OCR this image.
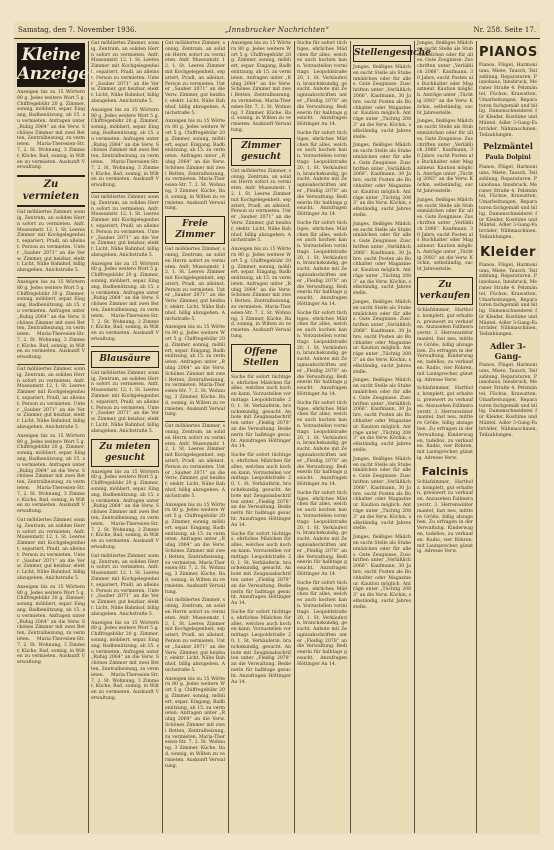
Samstag, den 7. November 1936.	„Innsbrucker Nachrichten“	Nr. 258. Seite 17.
Kleine Anzeigen
Anzeigen bis zu 15 Wörtern 80 g. Jedes weitere Wort 5 g. Chiffregebühr 20 g. Zimmer, sonnig, möbliert, separ. Eingang, Badbenützung, ab 15. zu vermieten. Anfragen unter „Ruhig 2064“ an die Verw. Schönes Zimmer mit zwei Betten, Zentralheizung, zu vermieten. Maria-Theresien-Str. 7, 2. St. Wohnung, 3 Zimmer, Küche, Bad, sonnig, in Wilten zu vermieten. Auskunft Verwaltung.
Zu vermieten
Gut möbliertes Zimmer, sonnig, Zentrum, an soliden Herrn sofort zu vermieten. Anfr. Museumstr. 12, 1. St. Leeres Zimmer mit Kochgelegenheit, separiert, Pradl, an alleinst. Person zu vermieten. Unter „Sauber 2071“ an die Verw. Zimmer, gut heizbar, elektr. Licht, Nähe Bahnhof, billig abzugeben. Anichstraße 5.
Anzeigen bis zu 15 Wörtern 80 g. Jedes weitere Wort 5 g. Chiffregebühr 20 g. Zimmer, sonnig, möbliert, separ. Eingang, Badbenützung, ab 15. zu vermieten. Anfragen unter „Ruhig 2064“ an die Verw. Schönes Zimmer mit zwei Betten, Zentralheizung, zu vermieten. Maria-Theresien-Str. 7, 2. St. Wohnung, 3 Zimmer, Küche, Bad, sonnig, in Wilten zu vermieten. Auskunft Verwaltung.
Gut möbliertes Zimmer, sonnig, Zentrum, an soliden Herrn sofort zu vermieten. Anfr. Museumstr. 12, 1. St. Leeres Zimmer mit Kochgelegenheit, separiert, Pradl, an alleinst. Person zu vermieten. Unter „Sauber 2071“ an die Verw. Zimmer, gut heizbar, elektr. Licht, Nähe Bahnhof, billig abzugeben. Anichstraße 5.
Anzeigen bis zu 15 Wörtern 80 g. Jedes weitere Wort 5 g. Chiffregebühr 20 g. Zimmer, sonnig, möbliert, separ. Eingang, Badbenützung, ab 15. zu vermieten. Anfragen unter „Ruhig 2064“ an die Verw. Schönes Zimmer mit zwei Betten, Zentralheizung, zu vermieten. Maria-Theresien-Str. 7, 2. St. Wohnung, 3 Zimmer, Küche, Bad, sonnig, in Wilten zu vermieten. Auskunft Verwaltung.
Gut möbliertes Zimmer, sonnig, Zentrum, an soliden Herrn sofort zu vermieten. Anfr. Museumstr. 12, 1. St. Leeres Zimmer mit Kochgelegenheit, separiert, Pradl, an alleinst. Person zu vermieten. Unter „Sauber 2071“ an die Verw. Zimmer, gut heizbar, elektr. Licht, Nähe Bahnhof, billig abzugeben. Anichstraße 5.
Anzeigen bis zu 15 Wörtern 80 g. Jedes weitere Wort 5 g. Chiffregebühr 20 g. Zimmer, sonnig, möbliert, separ. Eingang, Badbenützung, ab 15. zu vermieten. Anfragen unter „Ruhig 2064“ an die Verw. Schönes Zimmer mit zwei Betten, Zentralheizung, zu vermieten. Maria-Theresien-Str. 7, 2. St. Wohnung, 3 Zimmer, Küche, Bad, sonnig, in Wilten zu vermieten. Auskunft Verwaltung.
Gut möbliertes Zimmer, sonnig, Zentrum, an soliden Herrn sofort zu vermieten. Anfr. Museumstr. 12, 1. St. Leeres Zimmer mit Kochgelegenheit, separiert, Pradl, an alleinst. Person zu vermieten. Unter „Sauber 2071“ an die Verw. Zimmer, gut heizbar, elektr. Licht, Nähe Bahnhof, billig abzugeben. Anichstraße 5.
Anzeigen bis zu 15 Wörtern 80 g. Jedes weitere Wort 5 g. Chiffregebühr 20 g. Zimmer, sonnig, möbliert, separ. Eingang, Badbenützung, ab 15. zu vermieten. Anfragen unter „Ruhig 2064“ an die Verw. Schönes Zimmer mit zwei Betten, Zentralheizung, zu vermieten. Maria-Theresien-Str. 7, 2. St. Wohnung, 3 Zimmer, Küche, Bad, sonnig, in Wilten zu vermieten. Auskunft Verwaltung.
Gut möbliertes Zimmer, sonnig, Zentrum, an soliden Herrn sofort zu vermieten. Anfr. Museumstr. 12, 1. St. Leeres Zimmer mit Kochgelegenheit, separiert, Pradl, an alleinst. Person zu vermieten. Unter „Sauber 2071“ an die Verw. Zimmer, gut heizbar, elektr. Licht, Nähe Bahnhof, billig abzugeben. Anichstraße 5.
Anzeigen bis zu 15 Wörtern 80 g. Jedes weitere Wort 5 g. Chiffregebühr 20 g. Zimmer, sonnig, möbliert, separ. Eingang, Badbenützung, ab 15. zu vermieten. Anfragen unter „Ruhig 2064“ an die Verw. Schönes Zimmer mit zwei Betten, Zentralheizung, zu vermieten. Maria-Theresien-Str. 7, 2. St. Wohnung, 3 Zimmer, Küche, Bad, sonnig, in Wilten zu vermieten. Auskunft Verwaltung.
Blausäure
Gut möbliertes Zimmer, sonnig, Zentrum, an soliden Herrn sofort zu vermieten. Anfr. Museumstr. 12, 1. St. Leeres Zimmer mit Kochgelegenheit, separiert, Pradl, an alleinst. Person zu vermieten. Unter „Sauber 2071“ an die Verw. Zimmer, gut heizbar, elektr. Licht, Nähe Bahnhof, billig abzugeben. Anichstraße 5.
Zu mieten gesucht
Anzeigen bis zu 15 Wörtern 80 g. Jedes weitere Wort 5 g. Chiffregebühr 20 g. Zimmer, sonnig, möbliert, separ. Eingang, Badbenützung, ab 15. zu vermieten. Anfragen unter „Ruhig 2064“ an die Verw. Schönes Zimmer mit zwei Betten, Zentralheizung, zu vermieten. Maria-Theresien-Str. 7, 2. St. Wohnung, 3 Zimmer, Küche, Bad, sonnig, in Wilten zu vermieten. Auskunft Verwaltung.
Gut möbliertes Zimmer, sonnig, Zentrum, an soliden Herrn sofort zu vermieten. Anfr. Museumstr. 12, 1. St. Leeres Zimmer mit Kochgelegenheit, separiert, Pradl, an alleinst. Person zu vermieten. Unter „Sauber 2071“ an die Verw. Zimmer, gut heizbar, elektr. Licht, Nähe Bahnhof, billig abzugeben. Anichstraße 5.
Anzeigen bis zu 15 Wörtern 80 g. Jedes weitere Wort 5 g. Chiffregebühr 20 g. Zimmer, sonnig, möbliert, separ. Eingang, Badbenützung, ab 15. zu vermieten. Anfragen unter „Ruhig 2064“ an die Verw. Schönes Zimmer mit zwei Betten, Zentralheizung, zu vermieten. Maria-Theresien-Str. 7, 2. St. Wohnung, 3 Zimmer, Küche, Bad, sonnig, in Wilten zu vermieten. Auskunft Verwaltung.
Gut möbliertes Zimmer, sonnig, Zentrum, an soliden Herrn sofort zu vermieten. Anfr. Museumstr. 12, 1. St. Leeres Zimmer mit Kochgelegenheit, separiert, Pradl, an alleinst. Person zu vermieten. Unter „Sauber 2071“ an die Verw. Zimmer, gut heizbar, elektr. Licht, Nähe Bahnhof, billig abzugeben. Anichstraße 5.
Anzeigen bis zu 15 Wörtern 80 g. Jedes weitere Wort 5 g. Chiffregebühr 20 g. Zimmer, sonnig, möbliert, separ. Eingang, Badbenützung, ab 15. zu vermieten. Anfragen unter „Ruhig 2064“ an die Verw. Schönes Zimmer mit zwei Betten, Zentralheizung, zu vermieten. Maria-Theresien-Str. 7, 2. St. Wohnung, 3 Zimmer, Küche, Bad, sonnig, in Wilten zu vermieten. Auskunft Verwaltung.
Freie Zimmer
Gut möbliertes Zimmer, sonnig, Zentrum, an soliden Herrn sofort zu vermieten. Anfr. Museumstr. 12, 1. St. Leeres Zimmer mit Kochgelegenheit, separiert, Pradl, an alleinst. Person zu vermieten. Unter „Sauber 2071“ an die Verw. Zimmer, gut heizbar, elektr. Licht, Nähe Bahnhof, billig abzugeben. Anichstraße 5.
Anzeigen bis zu 15 Wörtern 80 g. Jedes weitere Wort 5 g. Chiffregebühr 20 g. Zimmer, sonnig, möbliert, separ. Eingang, Badbenützung, ab 15. zu vermieten. Anfragen unter „Ruhig 2064“ an die Verw. Schönes Zimmer mit zwei Betten, Zentralheizung, zu vermieten. Maria-Theresien-Str. 7, 2. St. Wohnung, 3 Zimmer, Küche, Bad, sonnig, in Wilten zu vermieten. Auskunft Verwaltung.
Gut möbliertes Zimmer, sonnig, Zentrum, an soliden Herrn sofort zu vermieten. Anfr. Museumstr. 12, 1. St. Leeres Zimmer mit Kochgelegenheit, separiert, Pradl, an alleinst. Person zu vermieten. Unter „Sauber 2071“ an die Verw. Zimmer, gut heizbar, elektr. Licht, Nähe Bahnhof, billig abzugeben. Anichstraße 5.
Anzeigen bis zu 15 Wörtern 80 g. Jedes weitere Wort 5 g. Chiffregebühr 20 g. Zimmer, sonnig, möbliert, separ. Eingang, Badbenützung, ab 15. zu vermieten. Anfragen unter „Ruhig 2064“ an die Verw. Schönes Zimmer mit zwei Betten, Zentralheizung, zu vermieten. Maria-Theresien-Str. 7, 2. St. Wohnung, 3 Zimmer, Küche, Bad, sonnig, in Wilten zu vermieten. Auskunft Verwaltung.
Gut möbliertes Zimmer, sonnig, Zentrum, an soliden Herrn sofort zu vermieten. Anfr. Museumstr. 12, 1. St. Leeres Zimmer mit Kochgelegenheit, separiert, Pradl, an alleinst. Person zu vermieten. Unter „Sauber 2071“ an die Verw. Zimmer, gut heizbar, elektr. Licht, Nähe Bahnhof, billig abzugeben. Anichstraße 5.
Anzeigen bis zu 15 Wörtern 80 g. Jedes weitere Wort 5 g. Chiffregebühr 20 g. Zimmer, sonnig, möbliert, separ. Eingang, Badbenützung, ab 15. zu vermieten. Anfragen unter „Ruhig 2064“ an die Verw. Schönes Zimmer mit zwei Betten, Zentralheizung, zu vermieten. Maria-Theresien-Str. 7, 2. St. Wohnung, 3 Zimmer, Küche, Bad, sonnig, in Wilten zu vermieten. Auskunft Verwaltung.
Anzeigen bis zu 15 Wörtern 80 g. Jedes weitere Wort 5 g. Chiffregebühr 20 g. Zimmer, sonnig, möbliert, separ. Eingang, Badbenützung, ab 15. zu vermieten. Anfragen unter „Ruhig 2064“ an die Verw. Schönes Zimmer mit zwei Betten, Zentralheizung, zu vermieten. Maria-Theresien-Str. 7, 2. St. Wohnung, 3 Zimmer, Küche, Bad, sonnig, in Wilten zu vermieten. Auskunft Verwaltung.
Zimmer gesucht
Gut möbliertes Zimmer, sonnig, Zentrum, an soliden Herrn sofort zu vermieten. Anfr. Museumstr. 12, 1. St. Leeres Zimmer mit Kochgelegenheit, separiert, Pradl, an alleinst. Person zu vermieten. Unter „Sauber 2071“ an die Verw. Zimmer, gut heizbar, elektr. Licht, Nähe Bahnhof, billig abzugeben. Anichstraße 5.
Anzeigen bis zu 15 Wörtern 80 g. Jedes weitere Wort 5 g. Chiffregebühr 20 g. Zimmer, sonnig, möbliert, separ. Eingang, Badbenützung, ab 15. zu vermieten. Anfragen unter „Ruhig 2064“ an die Verw. Schönes Zimmer mit zwei Betten, Zentralheizung, zu vermieten. Maria-Theresien-Str. 7, 2. St. Wohnung, 3 Zimmer, Küche, Bad, sonnig, in Wilten zu vermieten. Auskunft Verwaltung.
Offene Stellen
Suche für sofort tüchtiges, ehrliches Mädchen für alles, welches auch kochen kann. Vorzustellen vormittags Leopoldstraße 20, 1. St. Verkäuferin, branchekundig, gesucht. Anbote mit Zeugnisabschriften unter „Fleißig 2078“ an die Verwaltung. Bedienerin für halbtags gesucht. Anzufragen Höttinger Au 14.
Suche für sofort tüchtiges, ehrliches Mädchen für alles, welches auch kochen kann. Vorzustellen vormittags Leopoldstraße 20, 1. St. Verkäuferin, branchekundig, gesucht. Anbote mit Zeugnisabschriften unter „Fleißig 2078“ an die Verwaltung. Bedienerin für halbtags gesucht. Anzufragen Höttinger Au 14.
Suche für sofort tüchtiges, ehrliches Mädchen für alles, welches auch kochen kann. Vorzustellen vormittags Leopoldstraße 20, 1. St. Verkäuferin, branchekundig, gesucht. Anbote mit Zeugnisabschriften unter „Fleißig 2078“ an die Verwaltung. Bedienerin für halbtags gesucht. Anzufragen Höttinger Au 14.
Suche für sofort tüchtiges, ehrliches Mädchen für alles, welches auch kochen kann. Vorzustellen vormittags Leopoldstraße 20, 1. St. Verkäuferin, branchekundig, gesucht. Anbote mit Zeugnisabschriften unter „Fleißig 2078“ an die Verwaltung. Bedienerin für halbtags gesucht. Anzufragen Höttinger Au 14.
Suche für sofort tüchtiges, ehrliches Mädchen für alles, welches auch kochen kann. Vorzustellen vormittags Leopoldstraße 20, 1. St. Verkäuferin, branchekundig, gesucht. Anbote mit Zeugnisabschriften unter „Fleißig 2078“ an die Verwaltung. Bedienerin für halbtags gesucht. Anzufragen Höttinger Au 14.
Suche für sofort tüchtiges, ehrliches Mädchen für alles, welches auch kochen kann. Vorzustellen vormittags Leopoldstraße 20, 1. St. Verkäuferin, branchekundig, gesucht. Anbote mit Zeugnisabschriften unter „Fleißig 2078“ an die Verwaltung. Bedienerin für halbtags gesucht. Anzufragen Höttinger Au 14.
Suche für sofort tüchtiges, ehrliches Mädchen für alles, welches auch kochen kann. Vorzustellen vormittags Leopoldstraße 20, 1. St. Verkäuferin, branchekundig, gesucht. Anbote mit Zeugnisabschriften unter „Fleißig 2078“ an die Verwaltung. Bedienerin für halbtags gesucht. Anzufragen Höttinger Au 14.
Suche für sofort tüchtiges, ehrliches Mädchen für alles, welches auch kochen kann. Vorzustellen vormittags Leopoldstraße 20, 1. St. Verkäuferin, branchekundig, gesucht. Anbote mit Zeugnisabschriften unter „Fleißig 2078“ an die Verwaltung. Bedienerin für halbtags gesucht. Anzufragen Höttinger Au 14.
Suche für sofort tüchtiges, ehrliches Mädchen für alles, welches auch kochen kann. Vorzustellen vormittags Leopoldstraße 20, 1. St. Verkäuferin, branchekundig, gesucht. Anbote mit Zeugnisabschriften unter „Fleißig 2078“ an die Verwaltung. Bedienerin für halbtags gesucht. Anzufragen Höttinger Au 14.
Suche für sofort tüchtiges, ehrliches Mädchen für alles, welches auch kochen kann. Vorzustellen vormittags Leopoldstraße 20, 1. St. Verkäuferin, branchekundig, gesucht. Anbote mit Zeugnisabschriften unter „Fleißig 2078“ an die Verwaltung. Bedienerin für halbtags gesucht. Anzufragen Höttinger Au 14.
Suche für sofort tüchtiges, ehrliches Mädchen für alles, welches auch kochen kann. Vorzustellen vormittags Leopoldstraße 20, 1. St. Verkäuferin, branchekundig, gesucht. Anbote mit Zeugnisabschriften unter „Fleißig 2078“ an die Verwaltung. Bedienerin für halbtags gesucht. Anzufragen Höttinger Au 14.
Stellengesuche
Junges, fleißiges Mädchen sucht Stelle als Stubenmädchen oder für alles. Gute Zeugnisse. Zuschriften unter „Verläßlich 2066“. Kaufmann, 30 Jahre, sucht Posten als Buchhalter oder Magazineur. Kaution möglich. Anträge unter „Tüchtig 2083“ an die Verw. Köchin, selbständig, sucht Jahresstelle.
Junges, fleißiges Mädchen sucht Stelle als Stubenmädchen oder für alles. Gute Zeugnisse. Zuschriften unter „Verläßlich 2066“. Kaufmann, 30 Jahre, sucht Posten als Buchhalter oder Magazineur. Kaution möglich. Anträge unter „Tüchtig 2083“ an die Verw. Köchin, selbständig, sucht Jahresstelle.
Junges, fleißiges Mädchen sucht Stelle als Stubenmädchen oder für alles. Gute Zeugnisse. Zuschriften unter „Verläßlich 2066“. Kaufmann, 30 Jahre, sucht Posten als Buchhalter oder Magazineur. Kaution möglich. Anträge unter „Tüchtig 2083“ an die Verw. Köchin, selbständig, sucht Jahresstelle.
Junges, fleißiges Mädchen sucht Stelle als Stubenmädchen oder für alles. Gute Zeugnisse. Zuschriften unter „Verläßlich 2066“. Kaufmann, 30 Jahre, sucht Posten als Buchhalter oder Magazineur. Kaution möglich. Anträge unter „Tüchtig 2083“ an die Verw. Köchin, selbständig, sucht Jahresstelle.
Junges, fleißiges Mädchen sucht Stelle als Stubenmädchen oder für alles. Gute Zeugnisse. Zuschriften unter „Verläßlich 2066“. Kaufmann, 30 Jahre, sucht Posten als Buchhalter oder Magazineur. Kaution möglich. Anträge unter „Tüchtig 2083“ an die Verw. Köchin, selbständig, sucht Jahresstelle.
Junges, fleißiges Mädchen sucht Stelle als Stubenmädchen oder für alles. Gute Zeugnisse. Zuschriften unter „Verläßlich 2066“. Kaufmann, 30 Jahre, sucht Posten als Buchhalter oder Magazineur. Kaution möglich. Anträge unter „Tüchtig 2083“ an die Verw. Köchin, selbständig, sucht Jahresstelle.
Junges, fleißiges Mädchen sucht Stelle als Stubenmädchen oder für alles. Gute Zeugnisse. Zuschriften unter „Verläßlich 2066“. Kaufmann, 30 Jahre, sucht Posten als Buchhalter oder Magazineur. Kaution möglich. Anträge unter „Tüchtig 2083“ an die Verw. Köchin, selbständig, sucht Jahresstelle.
Junges, fleißiges Mädchen sucht Stelle als Stubenmädchen oder für alles. Gute Zeugnisse. Zuschriften unter „Verläßlich 2066“. Kaufmann, 30 Jahre, sucht Posten als Buchhalter oder Magazineur. Kaution möglich. Anträge unter „Tüchtig 2083“ an die Verw. Köchin, selbständig, sucht Jahresstelle.
Junges, fleißiges Mädchen sucht Stelle als Stubenmädchen oder für alles. Gute Zeugnisse. Zuschriften unter „Verläßlich 2066“. Kaufmann, 30 Jahre, sucht Posten als Buchhalter oder Magazineur. Kaution möglich. Anträge unter „Tüchtig 2083“ an die Verw. Köchin, selbständig, sucht Jahresstelle.
Junges, fleißiges Mädchen sucht Stelle als Stubenmädchen oder für alles. Gute Zeugnisse. Zuschriften unter „Verläßlich 2066“. Kaufmann, 30 Jahre, sucht Posten als Buchhalter oder Magazineur. Kaution möglich. Anträge unter „Tüchtig 2083“ an die Verw. Köchin, selbständig, sucht Jahresstelle.
Zu verkaufen
Schlafzimmer, Hartholz, komplett, gut erhalten, preiswert zu verkaufen. Anzusehen Fallmerayerstr. 3. Herrenwintermantel, fast neu, mittlere Größe, billig abzugeben. Zu erfragen in der Verwaltung. Kinderwagen, tadellos, zu verkaufen. Radio, vier Röhren, mit Lautsprecher, günstig. Adresse Verw.
Schlafzimmer, Hartholz, komplett, gut erhalten, preiswert zu verkaufen. Anzusehen Fallmerayerstr. 3. Herrenwintermantel, fast neu, mittlere Größe, billig abzugeben. Zu erfragen in der Verwaltung. Kinderwagen, tadellos, zu verkaufen. Radio, vier Röhren, mit Lautsprecher, günstig. Adresse Verw.
Falcinis
Schlafzimmer, Hartholz, komplett, gut erhalten, preiswert zu verkaufen. Anzusehen Fallmerayerstr. 3. Herrenwintermantel, fast neu, mittlere Größe, billig abzugeben. Zu erfragen in der Verwaltung. Kinderwagen, tadellos, zu verkaufen. Radio, vier Röhren, mit Lautsprecher, günstig. Adresse Verw.
PIANOS
Pianos, Flügel, Harmoniums, Miete, Tausch, Teilzahlung, Reparaturen. Pianohaus, Innsbruck, Meraner Straße 4. Pelzmäntel, Füchse, Krawatten, Umarbeitungen, Reparaturen fachgemäß und billig. Damenschneiderei für Kleider, Kostüme und Mäntel. Adler 3-Gang-Fahrräder, Nähmaschinen, Teilzahlungen.
Pelzmäntel
Paula Dolpini
Pianos, Flügel, Harmoniums, Miete, Tausch, Teilzahlung, Reparaturen. Pianohaus, Innsbruck, Meraner Straße 4. Pelzmäntel, Füchse, Krawatten, Umarbeitungen, Reparaturen fachgemäß und billig. Damenschneiderei für Kleider, Kostüme und Mäntel. Adler 3-Gang-Fahrräder, Nähmaschinen, Teilzahlungen.
Kleider
Pianos, Flügel, Harmoniums, Miete, Tausch, Teilzahlung, Reparaturen. Pianohaus, Innsbruck, Meraner Straße 4. Pelzmäntel, Füchse, Krawatten, Umarbeitungen, Reparaturen fachgemäß und billig. Damenschneiderei für Kleider, Kostüme und Mäntel. Adler 3-Gang-Fahrräder, Nähmaschinen, Teilzahlungen.
Adler 3-Gang-
Pianos, Flügel, Harmoniums, Miete, Tausch, Teilzahlung, Reparaturen. Pianohaus, Innsbruck, Meraner Straße 4. Pelzmäntel, Füchse, Krawatten, Umarbeitungen, Reparaturen fachgemäß und billig. Damenschneiderei für Kleider, Kostüme und Mäntel. Adler 3-Gang-Fahrräder, Nähmaschinen, Teilzahlungen.
